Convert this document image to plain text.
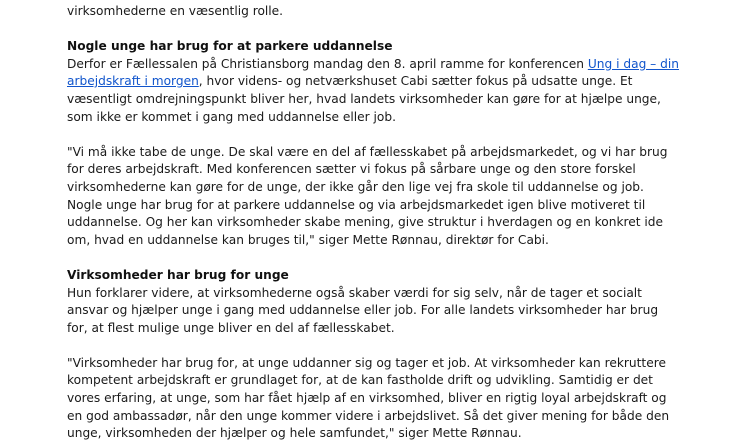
virksomhederne en væsentlig rolle.

Nogle unge har brug for at parkere uddannelse

Derfor er Fællessalen på Christiansborg mandag den 8. april ramme for konferencen Ung i dag – din arbejdskraft i morgen, hvor videns- og netværkshuset Cabi sætter fokus på udsatte unge. Et væsentligt omdrejningspunkt bliver her, hvad landets virksomheder kan gøre for at hjælpe unge, som ikke er kommet i gang med uddannelse eller job.

"Vi må ikke tabe de unge. De skal være en del af fællesskabet på arbejdsmarkedet, og vi har brug for deres arbejdskraft. Med konferencen sætter vi fokus på sårbare unge og den store forskel virksomhederne kan gøre for de unge, der ikke går den lige vej fra skole til uddannelse og job. Nogle unge har brug for at parkere uddannelse og via arbejdsmarkedet igen blive motiveret til uddannelse. Og her kan virksomheder skabe mening, give struktur i hverdagen og en konkret ide om, hvad en uddannelse kan bruges til," siger Mette Rønnau, direktør for Cabi.

Virksomheder har brug for unge

Hun forklarer videre, at virksomhederne også skaber værdi for sig selv, når de tager et socialt ansvar og hjælper unge i gang med uddannelse eller job. For alle landets virksomheder har brug for, at flest mulige unge bliver en del af fællesskabet.

"Virksomheder har brug for, at unge uddanner sig og tager et job. At virksomheder kan rekruttere kompetent arbejdskraft er grundlaget for, at de kan fastholde drift og udvikling. Samtidig er det vores erfaring, at unge, som har fået hjælp af en virksomhed, bliver en rigtig loyal arbejdskraft og en god ambassadør, når den unge kommer videre i arbejdslivet. Så det giver mening for både den unge, virksomheden der hjælper og hele samfundet," siger Mette Rønnau.
